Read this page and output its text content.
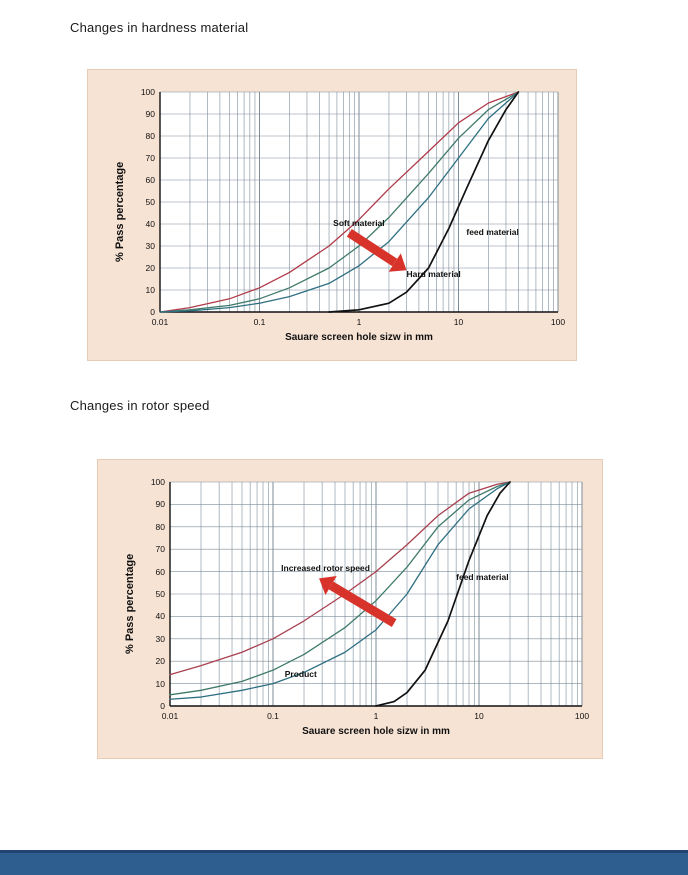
Changes in hardness material
0
10
20
30
40
50
60
70
80
90
100
0.01	0.1	1	10	100
% Pass percentage
Sauare screen hole sizw in mm
Soft material
Hard material
feed material
Changes in rotor speed
0
10
20
30
40
50
60
70
80
90
100
0.01	0.1	1	10	100
% Pass percentage
Sauare screen hole sizw in mm
Increased rotor speed
Product
feed material
CVT
